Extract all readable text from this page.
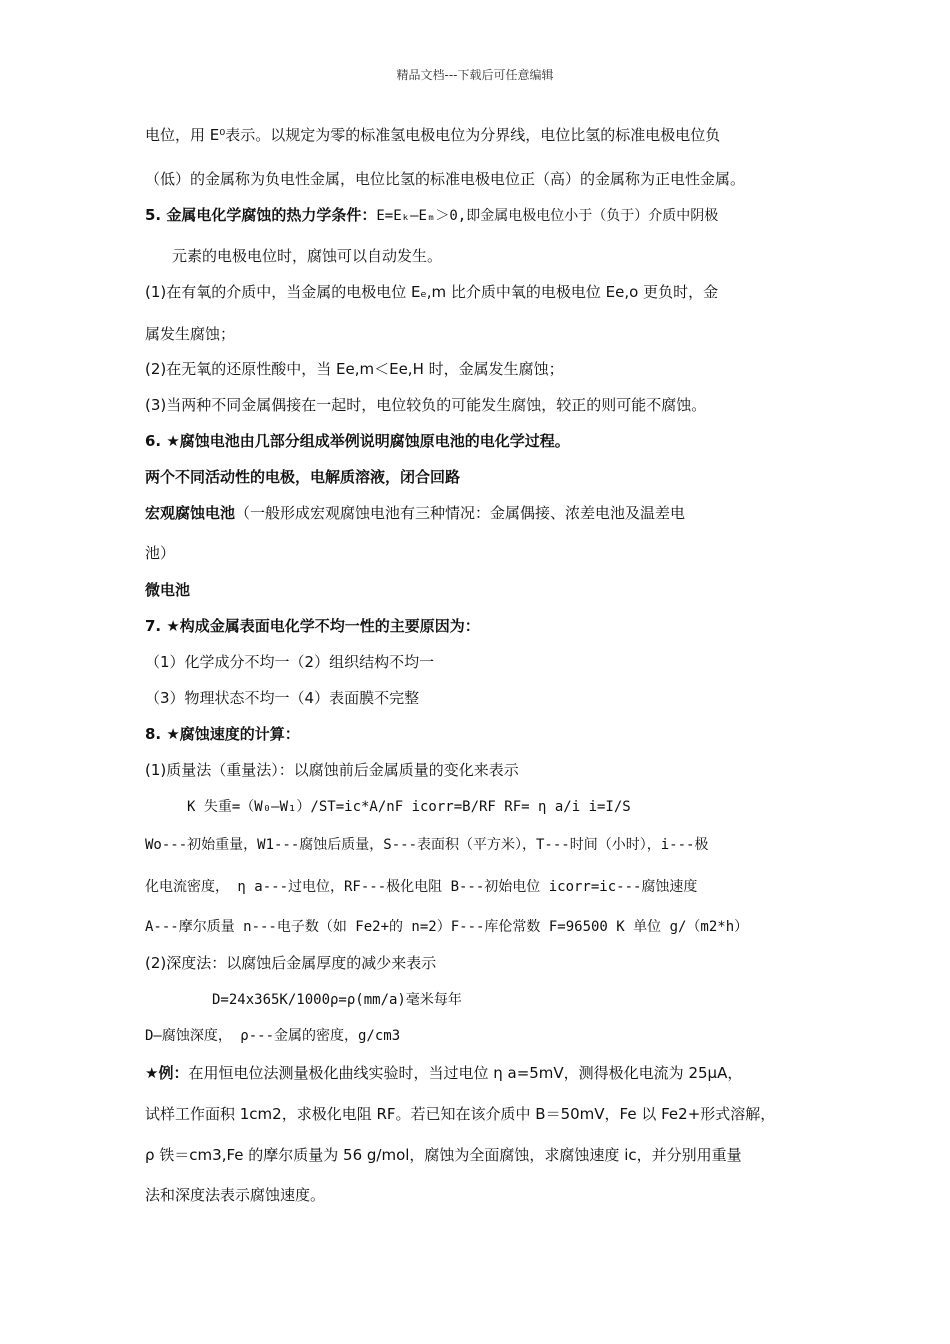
精品文档---下载后可任意编辑
电位，用 E⁰表示。以规定为零的标准氢电极电位为分界线，电位比氢的标准电极电位负
（低）的金属称为负电性金属，电位比氢的标准电极电位正（高）的金属称为正电性金属。
5. 金属电化学腐蚀的热力学条件：E=Eₖ—Eₘ＞0,即金属电极电位小于（负于）介质中阴极
元素的电极电位时，腐蚀可以自动发生。
(1)在有氧的介质中，当金属的电极电位 Eₑ,m 比介质中氧的电极电位 Ee,o 更负时，金
属发生腐蚀；
(2)在无氧的还原性酸中，当 Ee,m＜Ee,H 时，金属发生腐蚀；
(3)当两种不同金属偶接在一起时，电位较负的可能发生腐蚀，较正的则可能不腐蚀。
6. ★腐蚀电池由几部分组成举例说明腐蚀原电池的电化学过程。
两个不同活动性的电极，电解质溶液，闭合回路
宏观腐蚀电池（一般形成宏观腐蚀电池有三种情况：金属偶接、浓差电池及温差电
池）
微电池
7. ★构成金属表面电化学不均一性的主要原因为：
（1）化学成分不均一（2）组织结构不均一
（3）物理状态不均一（4）表面膜不完整
8. ★腐蚀速度的计算：
(1)质量法（重量法）：以腐蚀前后金属质量的变化来表示
K 失重=（W₀—W₁）/ST=ic*A/nF icorr=B/RF RF= η a/i i=I/S
Wo---初始重量，W1---腐蚀后质量，S---表面积（平方米），T---时间（小时），i---极
化电流密度， η a---过电位，RF---极化电阻 B---初始电位 icorr=ic---腐蚀速度
A---摩尔质量 n---电子数（如 Fe2+的 n=2）F---库伦常数 F=96500 K 单位 g/（m2*h）
(2)深度法：以腐蚀后金属厚度的减少来表示
D=24x365K/1000ρ=ρ(mm/a)毫米每年
D—腐蚀深度， ρ---金属的密度，g/cm3
★例：在用恒电位法测量极化曲线实验时，当过电位 η a=5mV，测得极化电流为 25μA，
试样工作面积 1cm2，求极化电阻 RF。若已知在该介质中 B＝50mV，Fe 以 Fe2+形式溶解，
ρ 铁＝cm3,Fe 的摩尔质量为 56 g/mol，腐蚀为全面腐蚀，求腐蚀速度 ic，并分别用重量
法和深度法表示腐蚀速度。
